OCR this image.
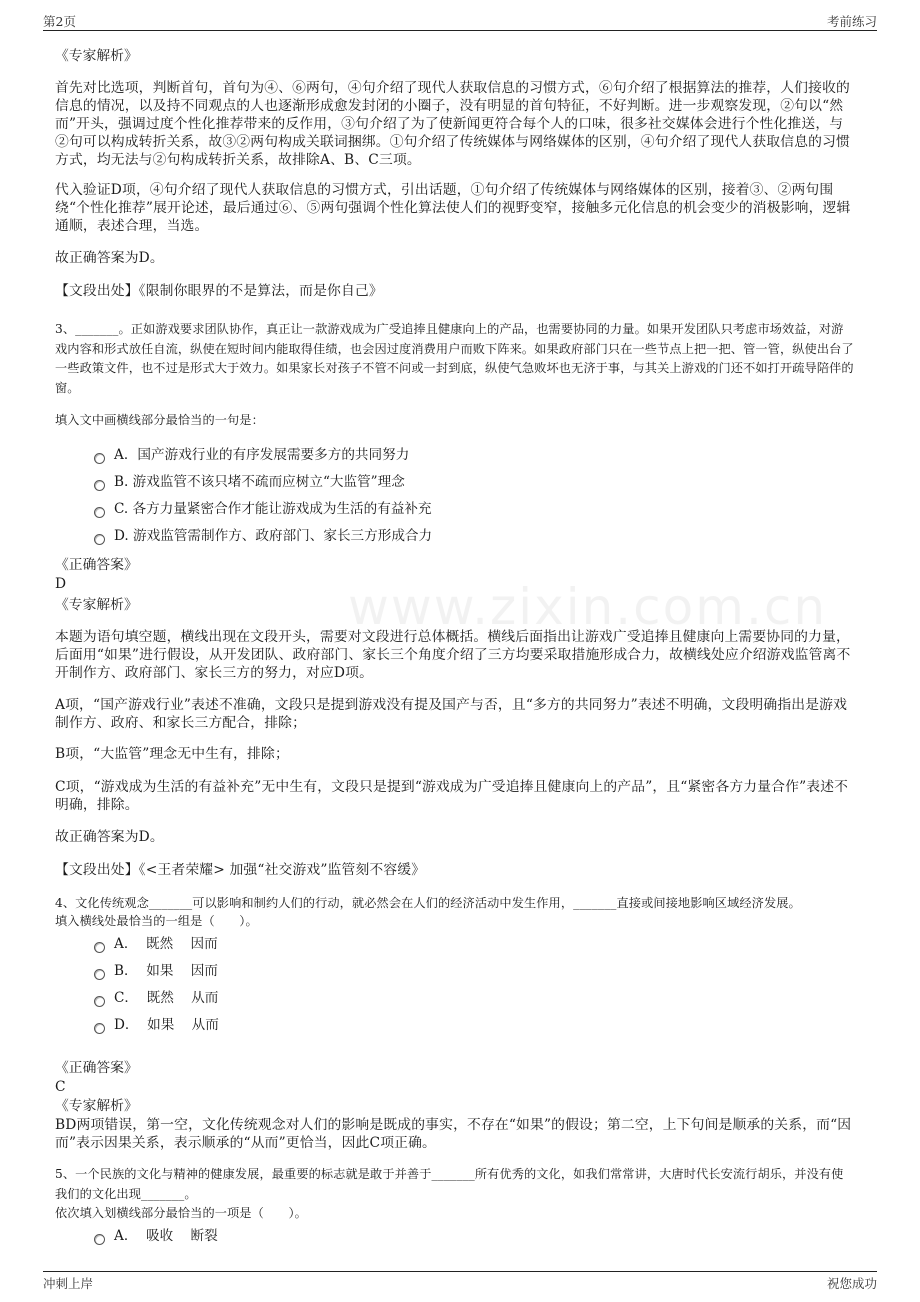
第2页	考前练习
www.zixin.com.cn

《专家解析》

首先对比选项，判断首句，首句为④、⑥两句，④句介绍了现代人获取信息的习惯方式，⑥句介绍了根据算法的推荐，人们接收的信息的情况，以及持不同观点的人也逐渐形成愈发封闭的小圈子，没有明显的首句特征，不好判断。进一步观察发现，②句以“然而”开头，强调过度个性化推荐带来的反作用，③句介绍了为了使新闻更符合每个人的口味，很多社交媒体会进行个性化推送，与②句可以构成转折关系，故③②两句构成关联词捆绑。①句介绍了传统媒体与网络媒体的区别，④句介绍了现代人获取信息的习惯方式，均无法与②句构成转折关系，故排除A、B、C三项。

代入验证D项，④句介绍了现代人获取信息的习惯方式，引出话题，①句介绍了传统媒体与网络媒体的区别，接着③、②两句围绕“个性化推荐”展开论述，最后通过⑥、⑤两句强调个性化算法使人们的视野变窄，接触多元化信息的机会变少的消极影响，逻辑通顺，表述合理，当选。

故正确答案为D。

【文段出处】《限制你眼界的不是算法，而是你自己》

3、_______。正如游戏要求团队协作，真正让一款游戏成为广受追捧且健康向上的产品，也需要协同的力量。如果开发团队只考虑市场效益，对游戏内容和形式放任自流，纵使在短时间内能取得佳绩，也会因过度消费用户而败下阵来。如果政府部门只在一些节点上把一把、管一管，纵使出台了一些政策文件，也不过是形式大于效力。如果家长对孩子不管不问或一封到底，纵使气急败坏也无济于事，与其关上游戏的门还不如打开疏导陪伴的窗。

填入文中画横线部分最恰当的一句是：

A．国产游戏行业的有序发展需要多方的共同努力
B. 游戏监管不该只堵不疏而应树立“大监管”理念
C. 各方力量紧密合作才能让游戏成为生活的有益补充
D. 游戏监管需制作方、政府部门、家长三方形成合力

《正确答案》

D

《专家解析》

本题为语句填空题，横线出现在文段开头，需要对文段进行总体概括。横线后面指出让游戏广受追捧且健康向上需要协同的力量，后面用“如果”进行假设，从开发团队、政府部门、家长三个角度介绍了三方均要采取措施形成合力，故横线处应介绍游戏监管离不开制作方、政府部门、家长三方的努力，对应D项。

A项，“国产游戏行业”表述不准确，文段只是提到游戏没有提及国产与否，且“多方的共同努力”表述不明确，文段明确指出是游戏制作方、政府、和家长三方配合，排除；

B项，“大监管”理念无中生有，排除；

C项，“游戏成为生活的有益补充”无中生有，文段只是提到“游戏成为广受追捧且健康向上的产品”，且“紧密各方力量合作”表述不明确，排除。

故正确答案为D。

【文段出处】《<王者荣耀> 加强“社交游戏”监管刻不容缓》

4、文化传统观念_______可以影响和制约人们的行动，就必然会在人们的经济活动中发生作用，_______直接或间接地影响区域经济发展。

填入横线处最恰当的一组是（　　）。

A．  既然    因而
B．  如果    因而
C．  既然    从而
D．  如果    从而

《正确答案》

C

《专家解析》

BD两项错误，第一空，文化传统观念对人们的影响是既成的事实，不存在“如果”的假设；第二空，上下句间是顺承的关系，而“因而”表示因果关系，表示顺承的“从而”更恰当，因此C项正确。

5、一个民族的文化与精神的健康发展，最重要的标志就是敢于并善于_______所有优秀的文化，如我们常常讲，大唐时代长安流行胡乐，并没有使我们的文化出现_______。

依次填入划横线部分最恰当的一项是（　　）。

A．  吸收    断裂
冲刺上岸	祝您成功
